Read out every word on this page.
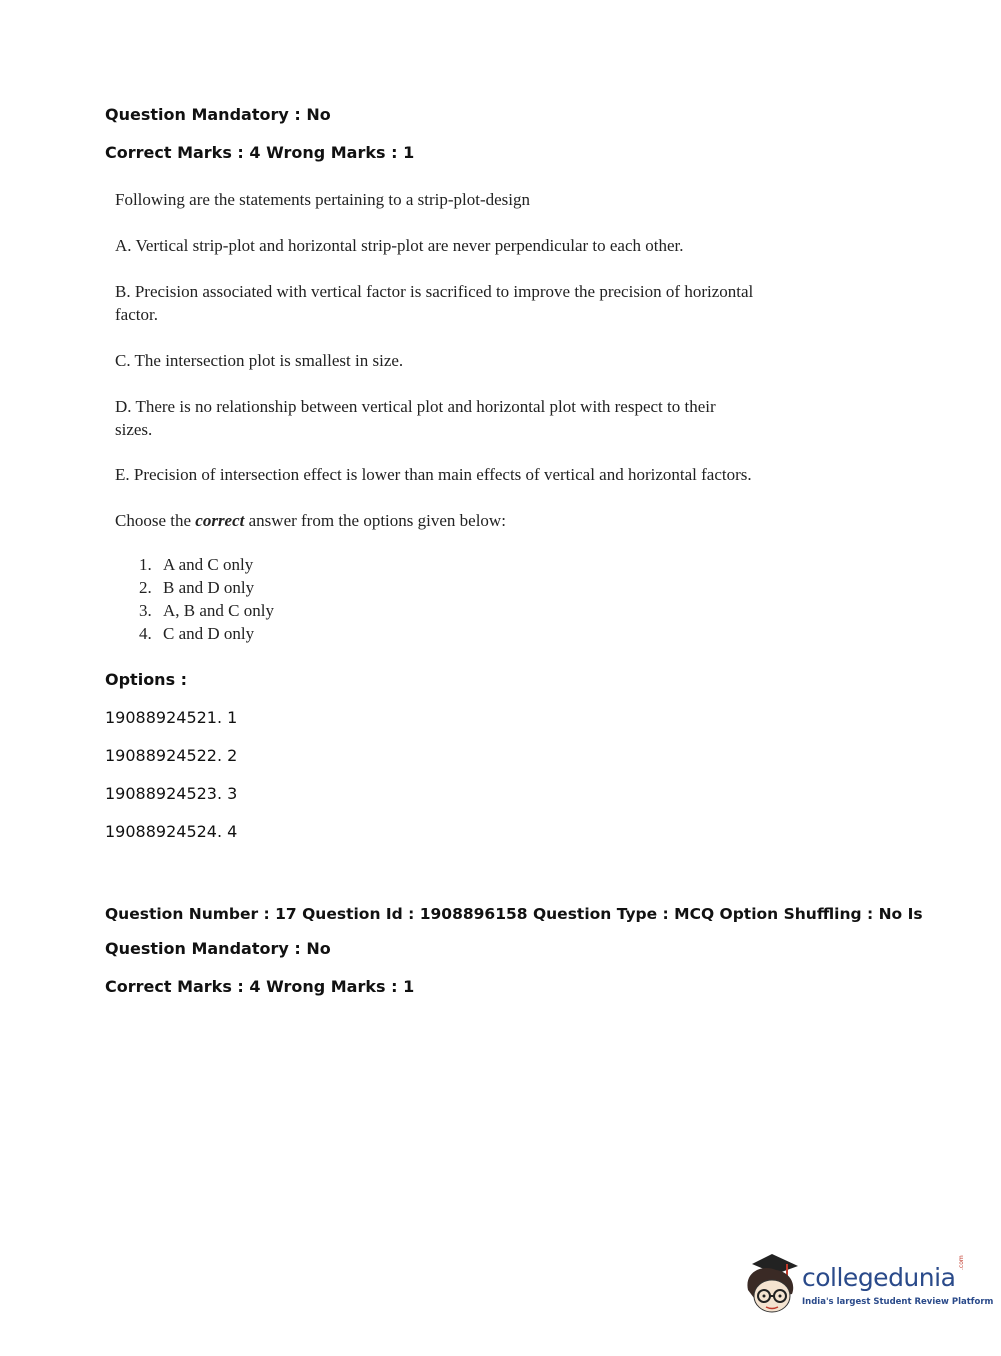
Question Mandatory : No
Correct Marks : 4 Wrong Marks : 1
Following are the statements pertaining to a strip-plot-design
A. Vertical strip-plot and horizontal strip-plot are never perpendicular to each other.
B. Precision associated with vertical factor is sacrificed to improve the precision of horizontal
factor.
C. The intersection plot is smallest in size.
D. There is no relationship between vertical plot and horizontal plot with respect to their
sizes.
E. Precision of intersection effect is lower than main effects of vertical and horizontal factors.
Choose the correct answer from the options given below:
1. A and C only
2. B and D only
3. A, B and C only
4. C and D only
Options :
19088924521. 1
19088924522. 2
19088924523. 3
19088924524. 4
Question Number : 17 Question Id : 1908896158 Question Type : MCQ Option Shuffling : No Is
Question Mandatory : No
Correct Marks : 4 Wrong Marks : 1
collegedunia
.com
India's largest Student Review Platform
